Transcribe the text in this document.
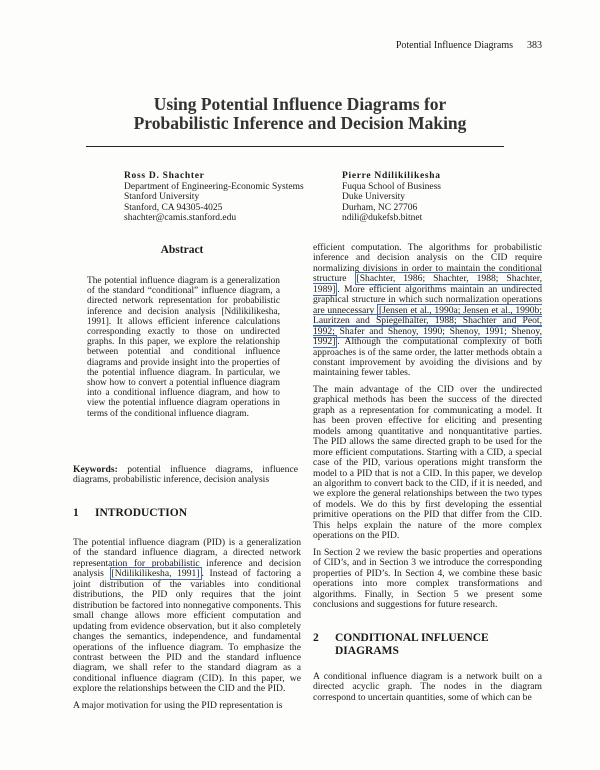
Potential Influence Diagrams 383
Using Potential Influence Diagrams for
Probabilistic Inference and Decision Making
Ross D. Shachter
Department of Engineering-Economic Systems
Stanford University
Stanford, CA 94305-4025
shachter@camis.stanford.edu
Pierre Ndilikilikesha
Fuqua School of Business
Duke University
Durham, NC 27706
ndili@dukefsb.bitnet
Abstract

The potential influence diagram is a generalization of the standard “conditional” influence diagram, a directed network representation for probabilistic inference and decision analysis [Ndilikilikesha, 1991]. It allows efficient inference calculations corresponding exactly to those on undirected graphs. In this paper, we explore the relationship between potential and conditional influence diagrams and provide insight into the properties of the potential influence diagram. In particular, we show how to convert a potential influence diagram into a conditional influence diagram, and how to view the potential influence diagram operations in terms of the conditional influence diagram.

Keywords: potential influence diagrams, influence diagrams, probabilistic inference, decision analysis

1 INTRODUCTION

The potential influence diagram (PID) is a generalization of the standard influence diagram, a directed network representation for probabilistic inference and decision analysis [Ndilikilikesha, 1991] . Instead of factoring a joint distribution of the variables into conditional distributions, the PID only requires that the joint distribution be factored into nonnegative components. This small change allows more efficient computation and updating from evidence observation, but it also completely changes the semantics, independence, and fundamental operations of the influence diagram. To emphasize the contrast between the PID and the standard influence diagram, we shall refer to the standard diagram as a conditional influence diagram (CID). In this paper, we explore the relationships between the CID and the PID.

A major motivation for using the PID representation is

efficient computation. The algorithms for probabilistic inference and decision analysis on the CID require normalizing divisions in order to maintain the conditional structure [Shachter, 1986; Shachter, 1988; Shachter, 1989] . More efficient algorithms maintain an undirected graphical structure in which such normalization operations are unnecessary [Jensen et al., 1990a; Jensen et al., 1990b; Lauritzen and Spiegelhalter, 1988; Shachter and Peot, 1992; Shafer and Shenoy, 1990; Shenoy, 1991; Shenoy, 1992] . Although the computational complexity of both approaches is of the same order, the latter methods obtain a constant improvement by avoiding the divisions and by maintaining fewer tables.

The main advantage of the CID over the undirected graphical methods has been the success of the directed graph as a representation for communicating a model. It has been proven effective for eliciting and presenting models among quantitative and nonquantitative parties. The PID allows the same directed graph to be used for the more efficient computations. Starting with a CID, a special case of the PID, various operations might transform the model to a PID that is not a CID. In this paper, we develop an algorithm to convert back to the CID, if it is needed, and we explore the general relationships between the two types of models. We do this by first developing the essential primitive operations on the PID that differ from the CID. This helps explain the nature of the more complex operations on the PID.

In Section 2 we review the basic properties and operations of CID’s, and in Section 3 we introduce the corresponding properties of PID’s. In Section 4, we combine these basic operations into more complex transformations and algorithms. Finally, in Section 5 we present some conclusions and suggestions for future research.

2 CONDITIONAL INFLUENCE
DIAGRAMS

A conditional influence diagram is a network built on a directed acyclic graph. The nodes in the diagram correspond to uncertain quantities, some of which can be
